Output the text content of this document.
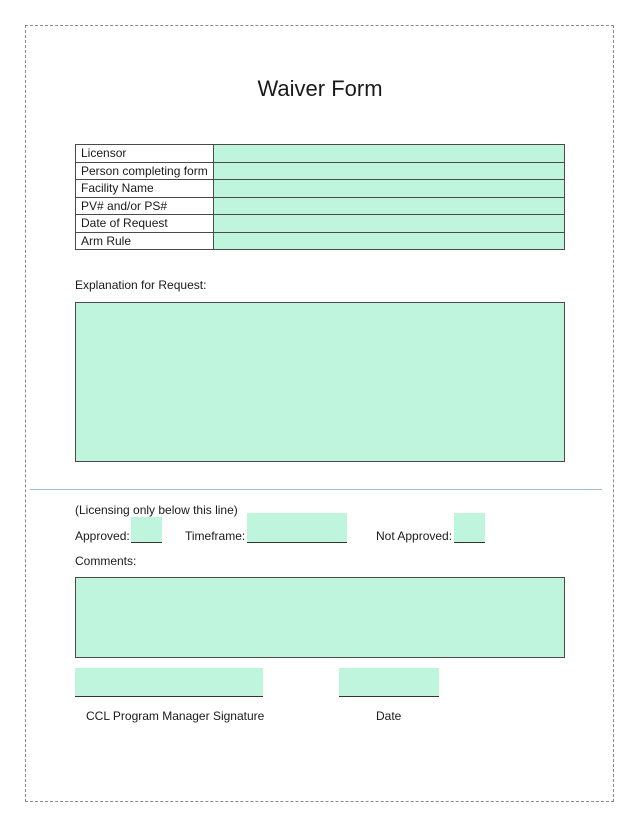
Waiver Form
Licensor	
Person completing form	
Facility Name	
PV# and/or PS#	
Date of Request	
Arm Rule	
Explanation for Request:
(Licensing only below this line)
Approved:	Timeframe:	Not Approved:
Comments:
CCL Program Manager Signature	Date
